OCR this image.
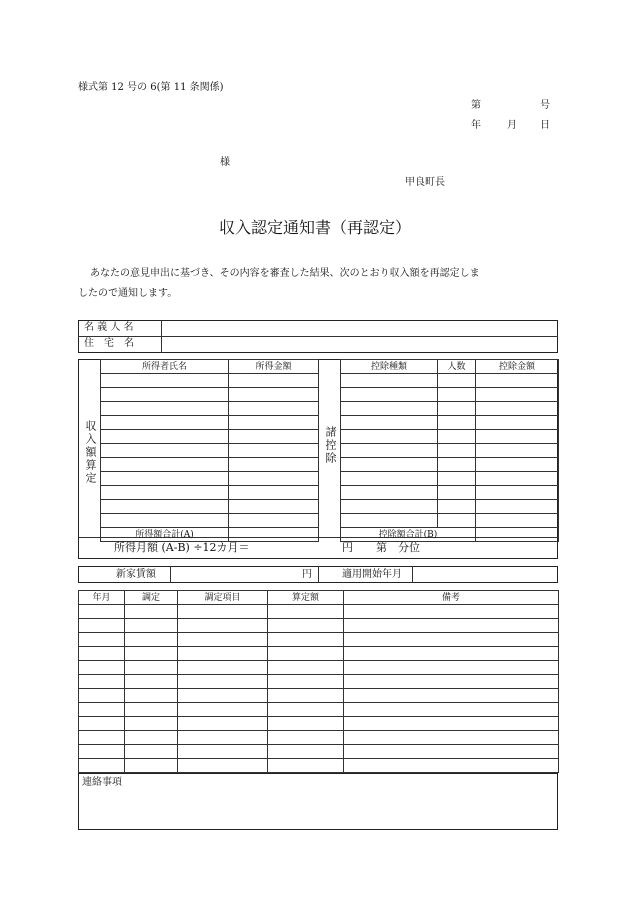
様式第 12 号の 6(第 11 条関係)
第	号
年	月 日
様
甲良町長
収入認定通知書（再認定）
あなたの意見申出に基づき、その内容を審査した結果、次のとおり収入額を再認定しま
したので通知します。
名 義 人 名
住　宅　名
収入額算定	諸控除
所得者氏名	所得金額

所得額合計(A)	
控除種類	人数	控除金額

控除額合計(B)		
所得月額 (A-B) ÷12カ月＝	円 第　分位
新家賃額	円	適用開始年月
年月	調定	調定項目	算定額	備考

連絡事項
